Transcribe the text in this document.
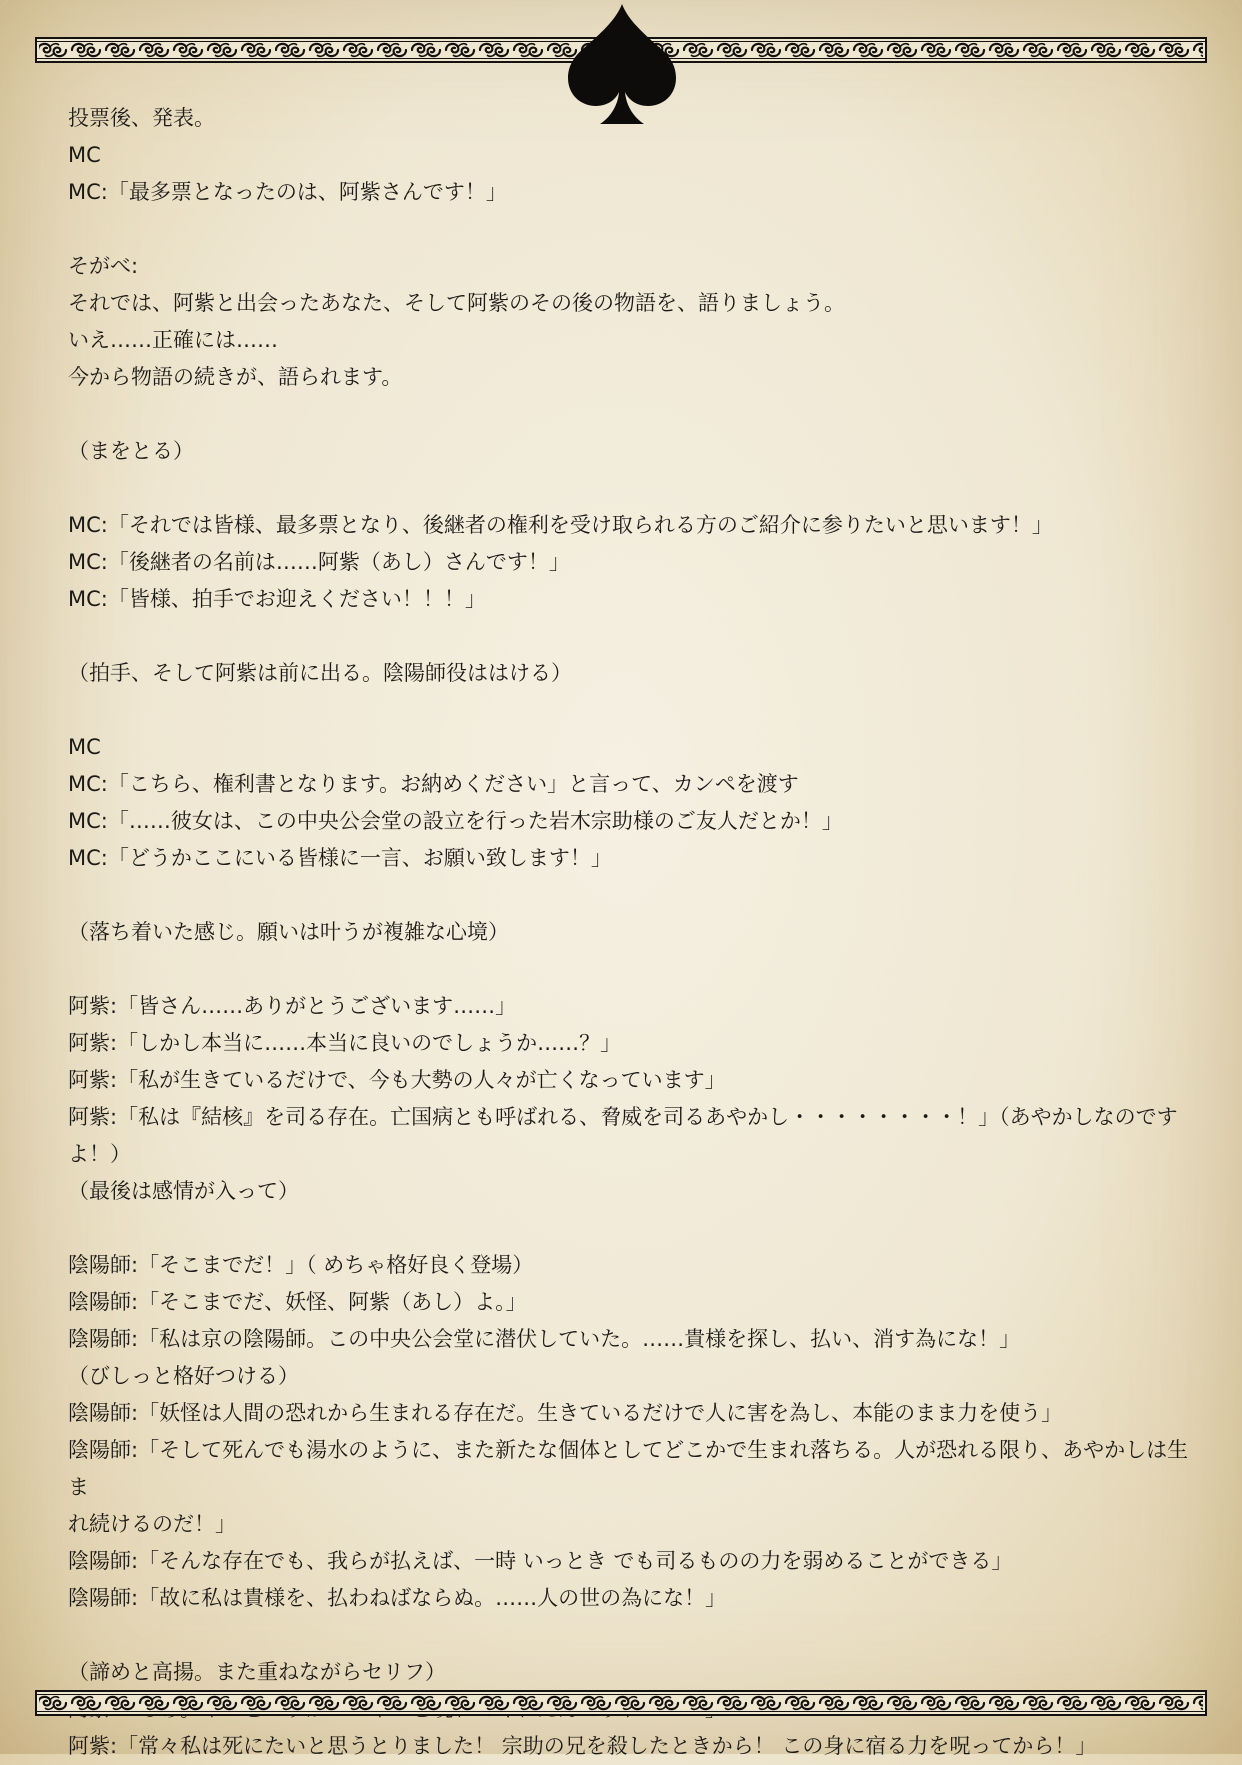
投票後、発表。
MC
MC:「最多票となったのは、阿紫さんです！」
そがべ:
それでは、阿紫と出会ったあなた、そして阿紫のその後の物語を、語りましょう。
いえ……正確には……
今から物語の続きが、語られます。
（まをとる）
MC:「それでは皆様、最多票となり、後継者の権利を受け取られる方のご紹介に参りたいと思います！」
MC:「後継者の名前は……阿紫（あし）さんです！」
MC:「皆様、拍手でお迎えください！！！」
（拍手、そして阿紫は前に出る。陰陽師役ははける）
MC
MC:「こちら、権利書となります。お納めください」と言って、カンペを渡す
MC:「……彼女は、この中央公会堂の設立を行った岩木宗助様のご友人だとか！」
MC:「どうかここにいる皆様に一言、お願い致します！」
（落ち着いた感じ。願いは叶うが複雑な心境）
阿紫:「皆さん……ありがとうございます……」
阿紫:「しかし本当に……本当に良いのでしょうか……？」
阿紫:「私が生きているだけで、今も大勢の人々が亡くなっています」
阿紫:「私は『結核』を司る存在。亡国病とも呼ばれる、脅威を司るあやかし・・・・・・・・！」（あやかしなのですよ！）
（最後は感情が入って）
陰陽師:「そこまでだ！」（ めちゃ格好良く登場）
陰陽師:「そこまでだ、妖怪、阿紫（あし）よ。」
陰陽師:「私は京の陰陽師。この中央公会堂に潜伏していた。……貴様を探し、払い、消す為にな！」
（びしっと格好つける）
陰陽師:「妖怪は人間の恐れから生まれる存在だ。生きているだけで人に害を為し、本能のまま力を使う」
陰陽師:「そして死んでも湯水のように、また新たな個体としてどこかで生まれ落ちる。人が恐れる限り、あやかしは生ま
れ続けるのだ！」
陰陽師:「そんな存在でも、我らが払えば、一時 いっとき でも司るものの力を弱めることができる」
陰陽師:「故に私は貴様を、払わねばならぬ。……人の世の為にな！」
（諦めと高揚。また重ねながらセリフ）
阿紫:「常々私は死にたいと思うとりました！ 宗助の兄を殺したときから！ この身に宿る力を呪ってから！」
